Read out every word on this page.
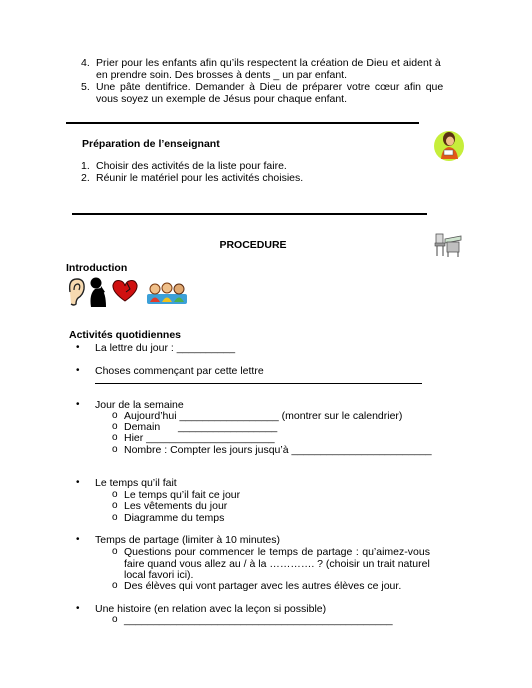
4. Prier pour les enfants afin qu’ils respectent la création de Dieu et aident à
en prendre soin. Des brosses à dents _ un par enfant.
5. Une pâte dentifrice. Demander à Dieu de préparer votre cœur afin que
vous soyez un exemple de Jésus pour chaque enfant.
Préparation de l’enseignant
1. Choisir des activités de la liste pour faire.
2. Réunir le matériel pour les activités choisies.
PROCEDURE
Introduction
Activités quotidiennes
• La lettre du jour : __________
• Choses commençant par cette lettre
• Jour de la semaine
o Aujourd’hui _________________ (montrer sur le calendrier)
o Demain _________________
o Hier ______________________
o Nombre : Compter les jours jusqu’à ________________________
• Le temps qu’il fait
o Le temps qu’il fait ce jour
o Les vêtements du jour
o Diagramme du temps
• Temps de partage (limiter à 10 minutes)
o Questions pour commencer le temps de partage : qu’aimez-vous
faire quand vous allez au / à la …………. ? (choisir un trait naturel
local favori ici).
o Des élèves qui vont partager avec les autres élèves ce jour.
• Une histoire (en relation avec la leçon si possible)
o ______________________________________________
